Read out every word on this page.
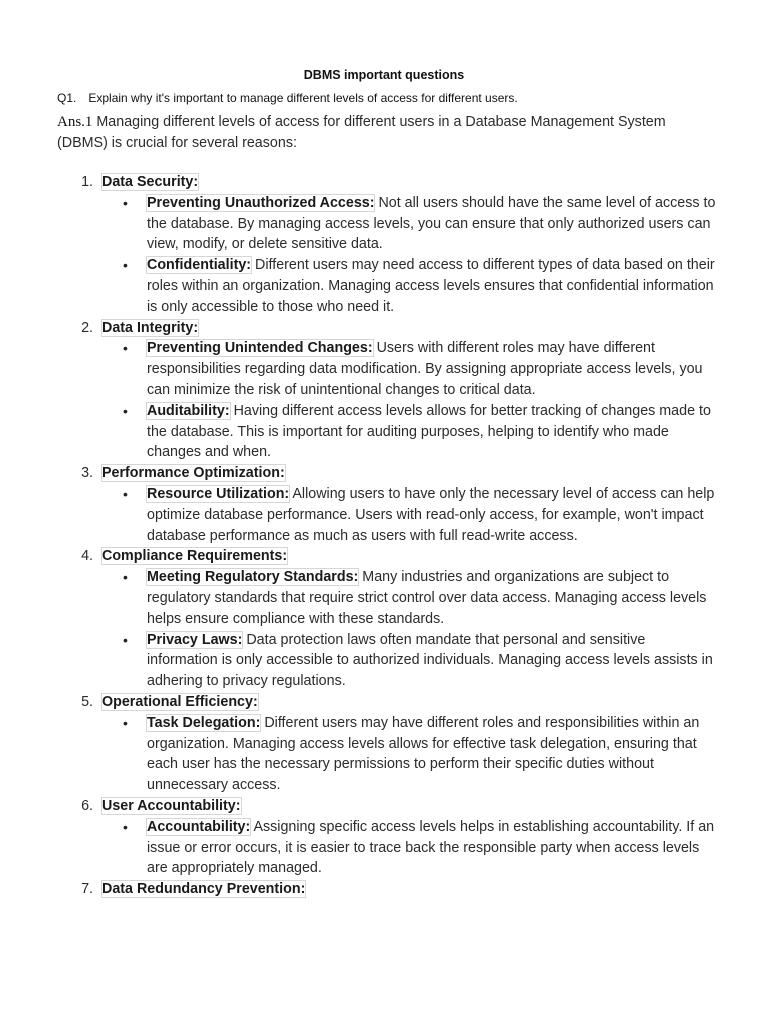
DBMS important questions
Q1. Explain why it's important to manage different levels of access for different users.
Ans.1 Managing different levels of access for different users in a Database Management System (DBMS) is crucial for several reasons:
1. Data Security:
• Preventing Unauthorized Access: Not all users should have the same level of access to the database. By managing access levels, you can ensure that only authorized users can view, modify, or delete sensitive data.
• Confidentiality: Different users may need access to different types of data based on their roles within an organization. Managing access levels ensures that confidential information is only accessible to those who need it.
2. Data Integrity:
• Preventing Unintended Changes: Users with different roles may have different responsibilities regarding data modification. By assigning appropriate access levels, you can minimize the risk of unintentional changes to critical data.
• Auditability: Having different access levels allows for better tracking of changes made to the database. This is important for auditing purposes, helping to identify who made changes and when.
3. Performance Optimization:
• Resource Utilization: Allowing users to have only the necessary level of access can help optimize database performance. Users with read-only access, for example, won't impact database performance as much as users with full read-write access.
4. Compliance Requirements:
• Meeting Regulatory Standards: Many industries and organizations are subject to regulatory standards that require strict control over data access. Managing access levels helps ensure compliance with these standards.
• Privacy Laws: Data protection laws often mandate that personal and sensitive information is only accessible to authorized individuals. Managing access levels assists in adhering to privacy regulations.
5. Operational Efficiency:
• Task Delegation: Different users may have different roles and responsibilities within an organization. Managing access levels allows for effective task delegation, ensuring that each user has the necessary permissions to perform their specific duties without unnecessary access.
6. User Accountability:
• Accountability: Assigning specific access levels helps in establishing accountability. If an issue or error occurs, it is easier to trace back the responsible party when access levels are appropriately managed.
7. Data Redundancy Prevention:
